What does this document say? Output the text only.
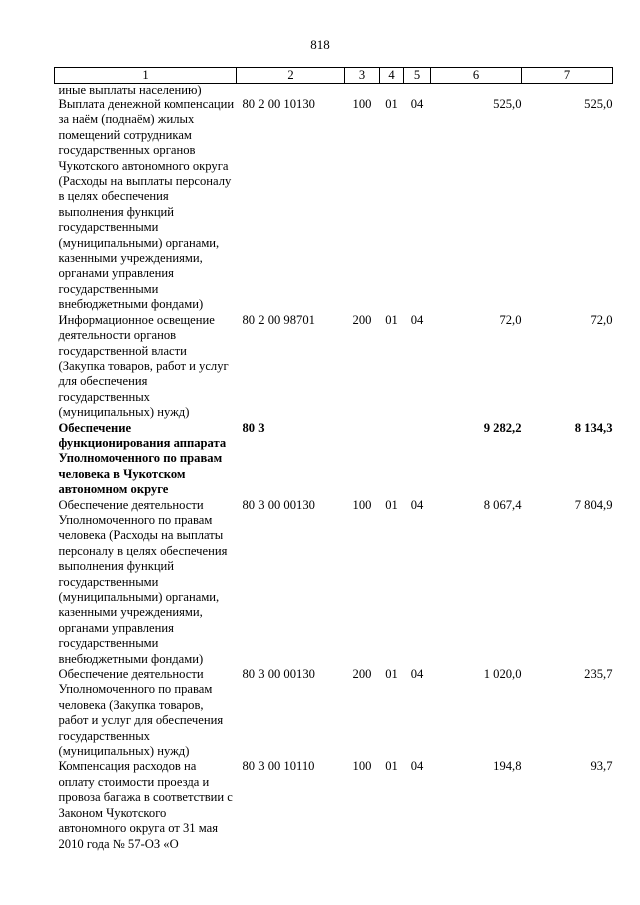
818
1	2	3	4	5	6	7
иные выплаты населению)						
Выплата денежной компенсации за наём (поднаём) жилых помещений сотрудникам государственных органов Чукотского автономного округа (Расходы на выплаты персоналу в целях обеспечения выполнения функций государственными (муниципальными) органами, казенными учреждениями, органами управления государственными внебюджетными фондами)	80 2 00 10130	100	01	04	525,0	525,0
Информационное освещение деятельности органов государственной власти (Закупка товаров, работ и услуг для обеспечения государственных (муниципальных) нужд)	80 2 00 98701	200	01	04	72,0	72,0
Обеспечение функционирования аппарата Уполномоченного по правам человека в Чукотском автономном округе	80 3				9 282,2	8 134,3
Обеспечение деятельности Уполномоченного по правам человека (Расходы на выплаты персоналу в целях обеспечения выполнения функций государственными (муниципальными) органами, казенными учреждениями, органами управления государственными внебюджетными фондами)	80 3 00 00130	100	01	04	8 067,4	7 804,9
Обеспечение деятельности Уполномоченного по правам человека (Закупка товаров, работ и услуг для обеспечения государственных (муниципальных) нужд)	80 3 00 00130	200	01	04	1 020,0	235,7
Компенсация расходов на оплату стоимости проезда и провоза багажа в соответствии с Законом Чукотского автономного округа от 31 мая 2010 года № 57-ОЗ «О	80 3 00 10110	100	01	04	194,8	93,7
